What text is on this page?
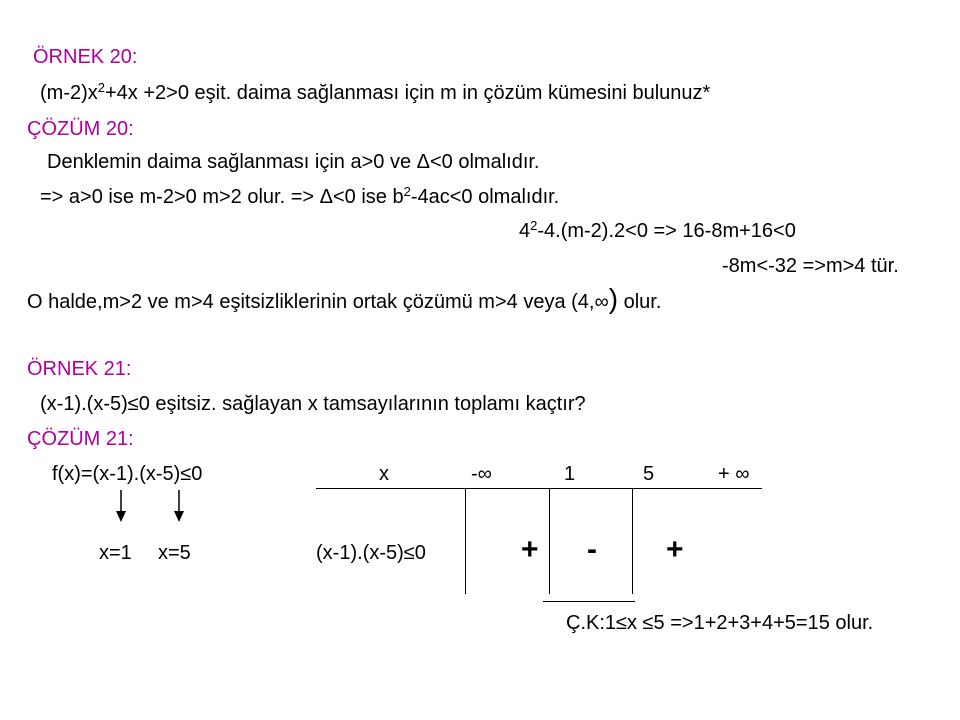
ÖRNEK 20:
$(m-2)x^2+4x +2>0$ eşit. daima sağlanması için m in çözüm kümesini bulunuz*
ÇÖZÜM 20:
Denklemin daima sağlanması için a>0 ve Δ<0 olmalıdır.
=> a>0 ise m-2>0 m>2 olur. => Δ<0 ise $b^2-4ac<0$ olmalıdır.
$4^2-4.(m-2).2<0 => 16-8m+16<0$
-8m<-32 =>m>4 tür.
O halde,m>2 ve m>4 eşitsizliklerinin ortak çözümü m>4 veya (4,∞) olur.
ÖRNEK 21:
(x-1).(x-5)≤0 eşitsiz. sağlayan x tamsayılarının toplamı kaçtır?
ÇÖZÜM 21:
f(x)=(x-1).(x-5)≤0
x=1 x=5
x	-∞	1	5	+ ∞
(x-1).(x-5)≤0	+ - +
Ç.K:1≤x ≤5 =>1+2+3+4+5=15 olur.
